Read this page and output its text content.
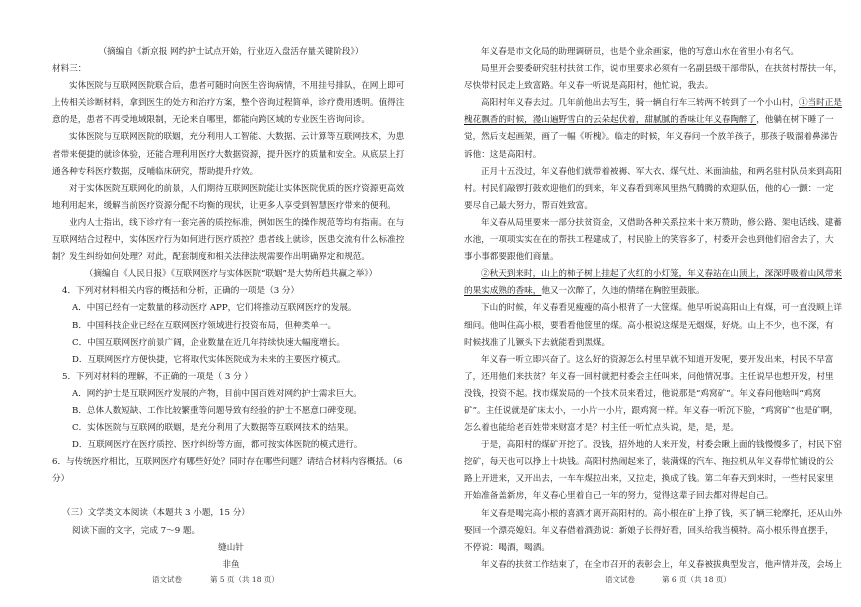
（摘编自《新京报 网约护士试点开始，行业迈入盘活存量关键阶段》）

材料三：

实体医院与互联网医院联合后，患者可随时向医生咨询病情，不用挂号排队，在网上即可上传相关诊断材料，拿到医生的处方和治疗方案，整个咨询过程简单，诊疗费用透明。值得注意的是，患者不再受地域限制，无论来自哪里，都能向跨区域的专业医生咨询问诊。

实体医院与互联网医院的联姻，充分利用人工智能、大数据、云计算等互联网技术，为患者带来便捷的就诊体验，还能合理利用医疗大数据资源，提升医疗的质量和安全。从底层上打通各种专科医疗数据，反哺临床研究，帮助提升疗效。

对于实体医院互联网化的前景，人们期待互联网医院能让实体医院优质的医疗资源更高效地利用起来，缓解当前医疗资源分配不均衡的现状，让更多人享受到智慧医疗带来的便利。

业内人士指出，线下诊疗有一套完善的质控标准，例如医生的操作规范等均有指南。在与互联网结合过程中，实体医疗行为如何进行医疗质控？患者线上就诊，医患交流有什么标准控制？发生纠纷如何处理？对此，配套制度和相关法律法规需要作出明确界定和规范。

（摘编自《人民日报》《互联网医疗与实体医院“联姻”是大势所趋共赢之举》）

4．下列对材料相关内容的概括和分析，正确的一项是（3 分）

A．中国已经有一定数量的移动医疗 APP，它们将推动互联网医疗的发展。

B．中国科技企业已经在互联网医疗领域进行投资布局，但种类单一。

C．中国互联网医疗前景广阔，企业数量在近几年持续快速大幅度增长。

D．互联网医疗方便快捷，它将取代实体医院成为未来的主要医疗模式。

5．下列对材料的理解，不正确的一项是（ 3 分 ）

A．网约护士是互联网医疗发展的产物，目前中国百姓对网约护士需求巨大。

B．总体人数短缺、工作比较繁重等问题导致有经验的护士不愿意口碑变现。

C．实体医院与互联网的联姻，是充分利用了大数据等互联网技术的结果。

D．互联网医疗在医疗质控、医疗纠纷等方面，都可按实体医院的模式进行。

6．与传统医疗相比，互联网医疗有哪些好处？同时存在哪些问题？请结合材料内容概括。（6 分）

（三）文学类文本阅读（本题共 3 小题，15 分）

阅读下面的文字，完成 7～9 题。

缝山针

非鱼

语文试卷	第 5 页（共 18 页）

年义春是市文化局的助理调研员，也是个业余画家，他的写意山水在省里小有名气。

局里开会要委研究驻村扶贫工作，说市里要求必须有一名副县级干部带队，在扶贫村帮扶一年，尽快带村民走上致富路。年义春一听说是高阳村，他忙说，我去。

高阳村年义春去过。几年前他出去写生，骑一辆自行车三转两不转到了一个小山村，①当时正是槐花飘香的时候，漫山遍野雪白的云朵起伏着，甜腻腻的香味让年义春陶醉了，他躺在树下睡了一觉，然后支起画架，画了一幅《听槐》。临走的时候，年义春问一个放羊孩子，那孩子吸溜着鼻涕告诉他：这是高阳村。

正月十五没过，年义春他们就带着被褥、军大衣、煤气灶、米面油盐，和两名驻村队员来到高阳村。村民们敲锣打鼓欢迎他们的到来，年义春看到寒风里热气腾腾的欢迎队伍，他的心一颤：一定要尽自己最大努力，帮百姓致富。

年义春从局里要来一部分扶贫资金，又借助各种关系拉来十来万赞助，修公路、架电话线、建蓄水池，一项项实实在在的帮扶工程建成了，村民脸上的笑容多了，村委开会也到他们宿舍去了，大事小事都要跟他们商量。

②秋天到来时，山上的柿子树上挂起了火红的小灯笼，年义春站在山顶上，深深呼吸着山风带来的果实成熟的香味，他又一次醉了，久违的情绪在胸腔里鼓胀。

下山的时候，年义春看见瘦瘦的高小根背了一大筐煤。他早听说高阳山上有煤，可一直没顾上详细问。他叫住高小根，要看看他筐里的煤。高小根说这煤是无烟煤，好烧。山上不少，也不深，有时候找准了儿镢头下去就能看到黑煤。

年义春一听立即兴奋了。这么好的资源怎么村里早就不知道开发呢，要开发出来，村民不早富了，还用他们来扶贫？年义春一回村就把村委会主任叫来，问他情况事。主任说早也想开发，村里没钱，投资不起。找市煤炭局的一个技术员来看过，他说那是“鸡窝矿”。年义春问他啥叫“鸡窝矿”。主任说就是矿床太小，一小片一小片，跟鸡窝一样。年义春一听沉下脸，“鸡窝矿”也是矿啊，怎么着也能给老百姓带来财富才是？村主任一听忙点头说，是，是，是。

于是，高阳村的煤矿开挖了。没钱，招外地的人来开发，村委会瞅上面的钱慢慢多了，村民下窑挖矿，每天也可以挣上十块钱。高阳村热闹起来了，装满煤的汽车、拖拉机从年义春带忙铺设的公路上开进来，又开出去，一车车煤拉出来，又拉走，换成了钱。第二年春天到来时，一些村民家里开始准备盖新房，年义春心里着自己一年的努力，觉得这辈子回去都对得起自己。

年义春是喝完高小根的喜酒才离开高阳村的。高小根在矿上挣了钱，买了辆三轮摩托，还从山外娶回一个漂亮媳妇。年义春借着酒劲说：新娘子长得好看，回头给我当模特。高小根乐得直摆手，不停说：喝酒，喝酒。

年义春的扶贫工作结束了，在全市召开的表彰会上，年义春被拔典型发言，他声情并茂，会场上

语文试卷	第 6 页（共 18 页）
